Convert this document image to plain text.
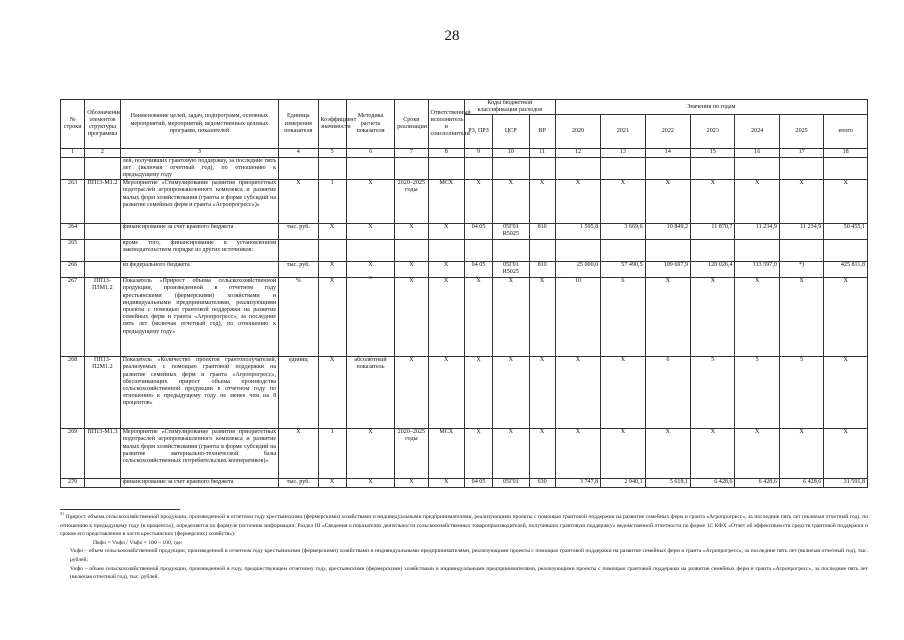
28
№ строки	Обозначение элементов структуры программы	Наименование целей, задач, подпрограмм, основных мероприятий, мероприятий, ведомственных целевых программ, показателей	Единица измерения показателя	Коэффициент значимости	Методика расчета показателя	Сроки реализации	Ответственный исполнитель и соисполнители	Коды бюджетной классификации расходов			Значения по годам						
								РЗ, ПРЗ	ЦСР	ВР	2020	2021	2022	2023	2024	2025	итого
1	2	3	4	5	6	7	8	9	10	11	12	13	14	15	16	17	18
		лей, получивших грантовую поддержку, за последние пять лет (включая отчетный год), по отношению к предыдущему году															
263	ПП13-М1.2	Мероприятие «Стимулирование развития приоритетных подотраслей агропромышленного комплекса и развитие малых форм хозяйствования (гранты в форме субсидий на развитие семейных ферм и гранта «Агропрогресс»)»	Х	1	Х	2020–2025 годы	МСХ	Х	Х	Х	Х	Х	Х	Х	Х	Х	Х
264		финансирование за счет краевого бюджета	тыс. руб.	Х	Х	Х	Х	04 05	05Г01 R5025	810	1 595,8	3 669,6	10 849,2	11 870,7	11 234,9	11 234,9	50 455,1
265		кроме того, финансирование в установленном законодательством порядке из других источников:															
266		из федерального бюджета	тыс. руб.	Х	Х	Х	Х	04 05	05Г01 R5025	810	25 000,0	57 490,5	109 697,9	120 026,4	113 597,0	*)	425 811,8
267	ПП13-П3М1.2	Показатель «Прирост объема сельскохозяйственной продукции, произведенной в отчетном году крестьянскими (фермерскими) хозяйствами и индивидуальными предпринимателями, реализующими проекты с помощью грантовой поддержки на развитие семейных ферм и гранта «Агропрогресс», за последние пять лет (включая отчетный год), по отношению к предыдущему году»	%	Х	$^{31}$	Х	Х	Х	Х	Х	10	6	Х	Х	Х	Х	Х
268	ПП13-П2М1.2	Показатель «Количество проектов грантополучателей, реализуемых с помощью грантовой поддержки на развитие семейных ферм и гранта «Агропрогресс», обеспечивающих прирост объема производства сельскохозяйственной продукции в отчетном году по отношению к предыдущему году не менее чем на 8 процентов»	единиц	Х	абсолютный показатель	Х	Х	Х	Х	Х	Х	Х	6	5	5	5	Х
269	ПП13-М1.3	Мероприятие «Стимулирование развития приоритетных подотраслей агропромышленного комплекса и развитие малых форм хозяйствования (гранты в форме субсидий на развитие материально-технической базы сельскохозяйственных потребительских кооперативов)»	Х	1	Х	2020–2025 годы	МСХ	Х	Х	Х	Х	Х	Х	Х	Х	Х	Х
270		финансирование за счет краевого бюджета	тыс. руб.	Х	Х	Х	Х	04 05	05Г01	630	3 747,8	2 940,1	5 618,1	6 428,6	6 428,6	6 428,6	31 591,8

$^{31}$ Прирост объема сельскохозяйственной продукции, произведенной в отчетном году крестьянскими (фермерскими) хозяйствами и индивидуальными предпринимателями, реализующими проекты с помощью грантовой поддержки на развитие семейных ферм и гранта «Агропрогресс», за последние пять лет (включая отчетный год), по отношению к предыдущему году (в процентах), определяется по формуле (источник информации: Раздел III «Сведения о показателях деятельности сельскохозяйственных товаропроизводителей, получивших грантовую поддержку» ведомственной отчетности по форме 1С КФХ «Отчет об эффективности средств грантовой поддержки и сроков его представления в части крестьянских (фермерских) хозяйств»):

Пкфо = Vкфо / Vкфо × 100 – 100, где:

Vкфо – объем сельскохозяйственной продукции, произведенной в отчетном году крестьянскими (фермерскими) хозяйствами и индивидуальными предпринимателями, реализующими проекты с помощью грантовой поддержки на развитие семейных ферм и гранта «Агропрогресс», за последние пять лет (включая отчетный год), тыс. рублей;

Vкфо – объем сельскохозяйственной продукции, произведенной в году, предшествующем отчетному году, крестьянскими (фермерскими) хозяйствами и индивидуальными предпринимателями, реализующими проекты с помощью грантовой поддержки на развитие семейных ферм и гранта «Агропрогресс», за последние пять лет (включая отчетный год), тыс. рублей.
